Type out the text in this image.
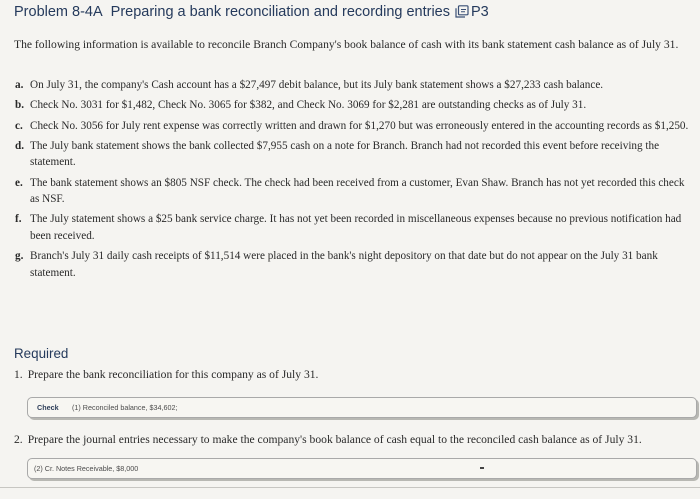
Problem 8-4A Preparing a bank reconciliation and recording entries P3
The following information is available to reconcile Branch Company's book balance of cash with its bank statement cash balance as of July 31.
a. On July 31, the company's Cash account has a $27,497 debit balance, but its July bank statement shows a $27,233 cash balance.
b. Check No. 3031 for $1,482, Check No. 3065 for $382, and Check No. 3069 for $2,281 are outstanding checks as of July 31.
c. Check No. 3056 for July rent expense was correctly written and drawn for $1,270 but was erroneously entered in the accounting records as $1,250.
d. The July bank statement shows the bank collected $7,955 cash on a note for Branch. Branch had not recorded this event before receiving the statement.
e. The bank statement shows an $805 NSF check. The check had been received from a customer, Evan Shaw. Branch has not yet recorded this check as NSF.
f. The July statement shows a $25 bank service charge. It has not yet been recorded in miscellaneous expenses because no previous notification had been received.
g. Branch's July 31 daily cash receipts of $11,514 were placed in the bank's night depository on that date but do not appear on the July 31 bank statement.
Required
1. Prepare the bank reconciliation for this company as of July 31.
Check (1) Reconciled balance, $34,602;
2. Prepare the journal entries necessary to make the company's book balance of cash equal to the reconciled cash balance as of July 31.
(2) Cr. Notes Receivable, $8,000
